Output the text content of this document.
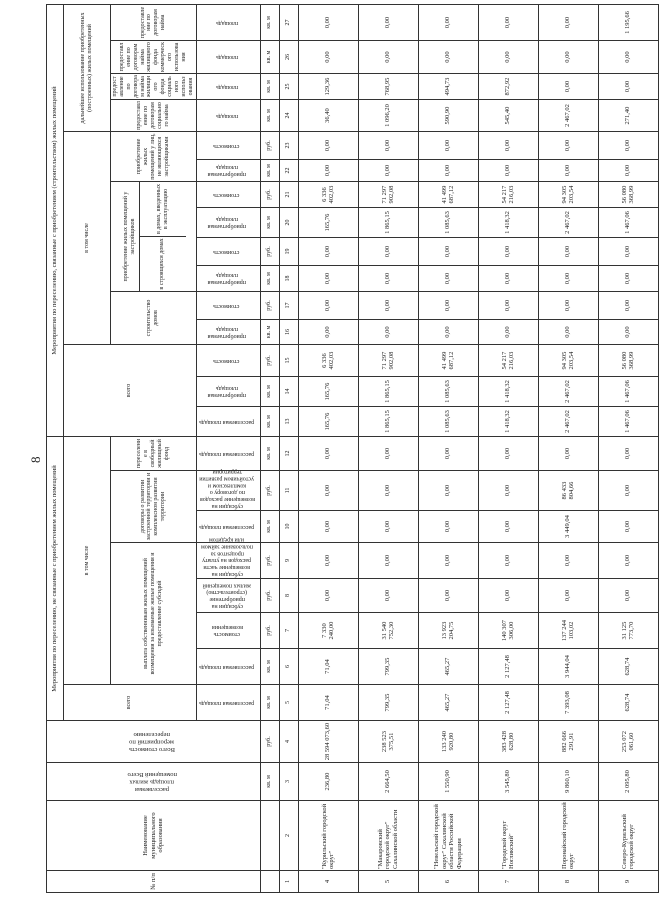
8
№ п/п	Наименование муниципального образования	расселяемая площадь жилых помещений Всего	Всего стоимость мероприятий по переселению	Мероприятия по переселению, не связанные с приобретением жилых помещений								Мероприятия по переселению, связанные с приобретением (строительством) жилых помещений														
				всего	в том числе							всего			в том числе								дальнейшее использование приобретенных (построенных) жилых помещений			
					выплата собственникам жилых помещений возмещения за изымаемые жилые помещения и предоставление субсидий				договоры о развитии застроенной территории и комплексном развитии территории		переселение в свободный жилищный фонд				строительство домов		приобретение жилых помещений у застройщиков
в строящихся домах
в домах, введенных в эксплуатацию				приобретение жилых помещений у лиц, не являющихся застройщиками		предоставление по договорам социального найма	предоставление по договорам найма жилищного фонда социального использования	предоставление по договорам найма жилищного фонда коммерческого использования	предоставление по договорам найма
				расселяемая площадь	расселяемая площадь	стоимость возмещения	субсидии на приобретение (строительство) жилых помещений	субсидии на возмещение части расходов на уплату процентов за пользование займом или кредитом	расселяемая площадь	субсидии на возмещение расходов по договору о комплексном и устойчивом развитии территории	расселяемая площадь	расселяемая площадь	приобретаемая площадь	стоимость	приобретаемая площадь	стоимость	приобретаемая площадь	стоимость	приобретаемая площадь	стоимость	приобретаемая площадь	стоимость	площадь	площадь	площадь	площадь
		кв. м	руб.	кв. м	кв. м	руб.	руб.	руб.	кв. м	руб.	кв. м	кв. м	кв. м	руб.	кв. м	руб.	кв. м	руб.	кв. м	руб.	кв. м	руб.	кв. м	кв. м	кв. м	кв. м
1	2	3	4	5	6	7	8	9	10	11	12	13	14	15	16	17	18	19	20	21	22	23	24	25	26	27
4	"Курильский городской округ"	236,80	28 594 073,60	71,04	71,04	7 330 240,00	0,00	0,00	0,00	0,00	0,00	165,76	165,76	6 336 402,03	0,00	0,00	0,00	0,00	165,76	6 336 402,03	0,00	0,00	36,40	129,36	0,00	0,00
5	"Макаровский городской округ" Сахалинской области	2 664,50	238 523 375,51	799,35	799,35	31 540 752,30	0,00	0,00	0,00	0,00	0,00	1 865,15	1 865,15	71 297 902,08	0,00	0,00	0,00	0,00	1 865,15	71 297 902,08	0,00	0,00	1 096,20	768,95	0,00	0,00
6	"Невельский городской округ" Сахалинской области Российской Федерации	1 550,90	133 240 920,80	465,27	465,27	13 923 204,75	0,00	0,00	0,00	0,00	0,00	1 085,63	1 085,63	41 499 687,12	0,00	0,00	0,00	0,00	1 085,63	41 499 687,12	0,00	0,00	590,90	494,73	0,00	0,00
7	"Городской округ Ногликский"	3 545,80	383 428 628,80	2 127,48	2 127,48	140 307 306,00	0,00	0,00	0,00	0,00	0,00	1 418,32	1 418,32	54 217 216,03	0,00	0,00	0,00	0,00	1 418,32	54 217 216,03	0,00	0,00	545,40	872,92	0,00	0,00
8	Поронайский городской округ	9 860,10	882 666 291,91	7 393,08	3 944,04	137 244 103,02	0,00	0,00	3 449,04	86 433 804,66	0,00	2 467,02	2 467,02	94 305 203,54	0,00	0,00	0,00	0,00	2 467,02	94 305 203,54	0,00	0,00	2 467,02	0,00	0,00	0,00
9	Северо-Курильский городской округ	2 095,80	253 072 061,60	628,74	628,74	31 125 773,70	0,00	0,00	0,00	0,00	0,00	1 467,06	1 467,06	56 080 368,99	0,00	0,00	0,00	0,00	1 467,06	56 080 368,99	0,00	0,00	271,40	0,00	0,00	1 195,66
